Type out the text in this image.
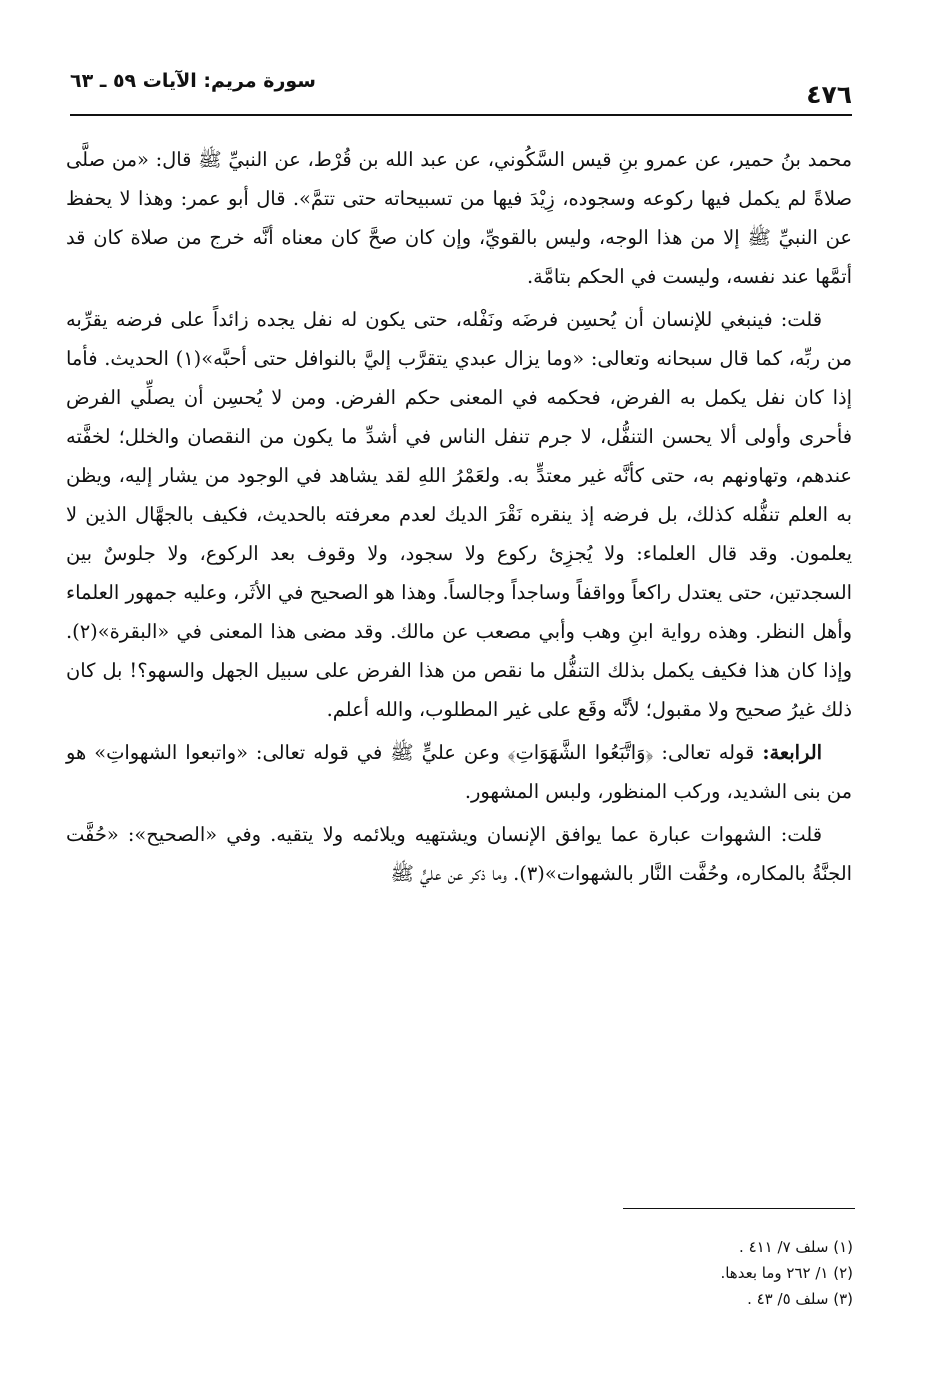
٤٧٦
سورة مريم: الآيات ٥٩ ـ ٦٣

محمد بنُ حمير، عن عمرو بنِ قيس السَّكُوني، عن عبد الله بن قُرْط، عن النبيِّ ﷺ قال: «من صلَّى صلاةً لم يكمل فيها ركوعه وسجوده، زِيْدَ فيها من تسبيحاته حتى تتمَّ». قال أبو عمر: وهذا لا يحفظ عن النبيِّ ﷺ إلا من هذا الوجه، وليس بالقويِّ، وإن كان صحَّ كان معناه أنَّه خرج من صلاة كان قد أتمَّها عند نفسه، وليست في الحكم بتامَّة.

قلت: فينبغي للإنسان أن يُحسِن فرضَه ونَفْله، حتى يكون له نفل يجده زائداً على فرضه يقرِّبه من ربِّه، كما قال سبحانه وتعالى: «وما يزال عبدي يتقرَّب إليَّ بالنوافل حتى أحبَّه»(١) الحديث. فأما إذا كان نفل يكمل به الفرض، فحكمه في المعنى حكم الفرض. ومن لا يُحسِن أن يصلِّي الفرض فأحرى وأولى ألا يحسن التنفُّل، لا جرم تنفل الناس في أشدِّ ما يكون من النقصان والخلل؛ لخفَّته عندهم، وتهاونهم به، حتى كأنَّه غير معتدٍّ به. ولعَمْرُ اللهِ لقد يشاهد في الوجود من يشار إليه، ويظن به العلم تنفُّله كذلك، بل فرضه إذ ينقره نَقْرَ الديك لعدم معرفته بالحديث، فكيف بالجهَّال الذين لا يعلمون. وقد قال العلماء: ولا يُجزِئ ركوع ولا سجود، ولا وقوف بعد الركوع، ولا جلوسٌ بين السجدتين، حتى يعتدل راكعاً وواقفاً وساجداً وجالساً. وهذا هو الصحيح في الأثَر، وعليه جمهور العلماء وأهل النظر. وهذه رواية ابنِ وهب وأبي مصعب عن مالك. وقد مضى هذا المعنى في «البقرة»(٢). وإذا كان هذا فكيف يكمل بذلك التنفُّل ما نقص من هذا الفرض على سبيل الجهل والسهو؟! بل كان ذلك غيرُ صحيح ولا مقبول؛ لأنَّه وقَع على غير المطلوب، والله أعلم.

الرابعة: قوله تعالى: ﴿وَاتَّبَعُوا الشَّهَوَاتِ﴾ وعن عليٍّ ﷺ في قوله تعالى: «واتبعوا الشهواتِ» هو من بنى الشديد، وركب المنظور، ولبس المشهور.

قلت: الشهوات عبارة عما يوافق الإنسان ويشتهيه ويلائمه ولا يتقيه. وفي «الصحيح»: «حُفَّت الجنَّةُ بالمكاره، وحُفَّت النَّار بالشهوات»(٣). وما ذكر عن عليٍّ ﷺ

(١) سلف ٧/ ٤١١ .
(٢) ١/ ٢٦٢ وما بعدها.
(٣) سلف ٥/ ٤٣ .
